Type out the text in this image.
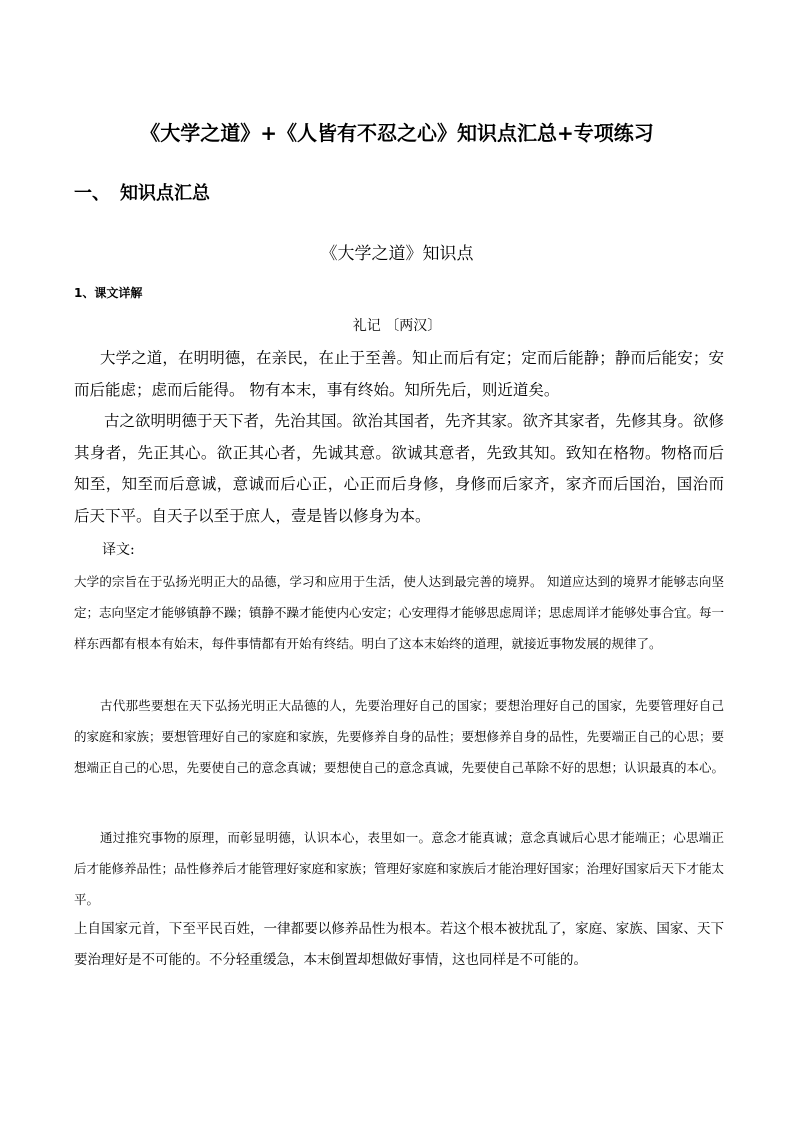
《大学之道》+《人皆有不忍之心》知识点汇总+专项练习
一、 知识点汇总
《大学之道》知识点
1、课文详解
礼记 〔两汉〕

大学之道，在明明德，在亲民，在止于至善。知止而后有定；定而后能静；静而后能安；安而后能虑；虑而后能得。 物有本末，事有终始。知所先后，则近道矣。

古之欲明明德于天下者，先治其国。欲治其国者，先齐其家。欲齐其家者，先修其身。欲修其身者，先正其心。欲正其心者，先诚其意。欲诚其意者，先致其知。致知在格物。物格而后知至，知至而后意诚，意诚而后心正，心正而后身修，身修而后家齐，家齐而后国治，国治而后天下平。自天子以至于庶人，壹是皆以修身为本。

译文:

大学的宗旨在于弘扬光明正大的品德，学习和应用于生活，使人达到最完善的境界。 知道应达到的境界才能够志向坚定；志向坚定才能够镇静不躁；镇静不躁才能使内心安定；心安理得才能够思虑周详；思虑周详才能够处事合宜。每一样东西都有根本有始末，每件事情都有开始有终结。明白了这本末始终的道理，就接近事物发展的规律了。

古代那些要想在天下弘扬光明正大品德的人，先要治理好自己的国家；要想治理好自己的国家，先要管理好自己的家庭和家族；要想管理好自己的家庭和家族，先要修养自身的品性；要想修养自身的品性，先要端正自己的心思；要想端正自己的心思，先要使自己的意念真诚；要想使自己的意念真诚，先要使自己革除不好的思想；认识最真的本心。

通过推究事物的原理，而彰显明德，认识本心，表里如一。意念才能真诚；意念真诚后心思才能端正；心思端正后才能修养品性；品性修养后才能管理好家庭和家族；管理好家庭和家族后才能治理好国家；治理好国家后天下才能太平。

上自国家元首，下至平民百姓，一律都要以修养品性为根本。若这个根本被扰乱了，家庭、家族、国家、天下要治理好是不可能的。不分轻重缓急，本末倒置却想做好事情，这也同样是不可能的。
